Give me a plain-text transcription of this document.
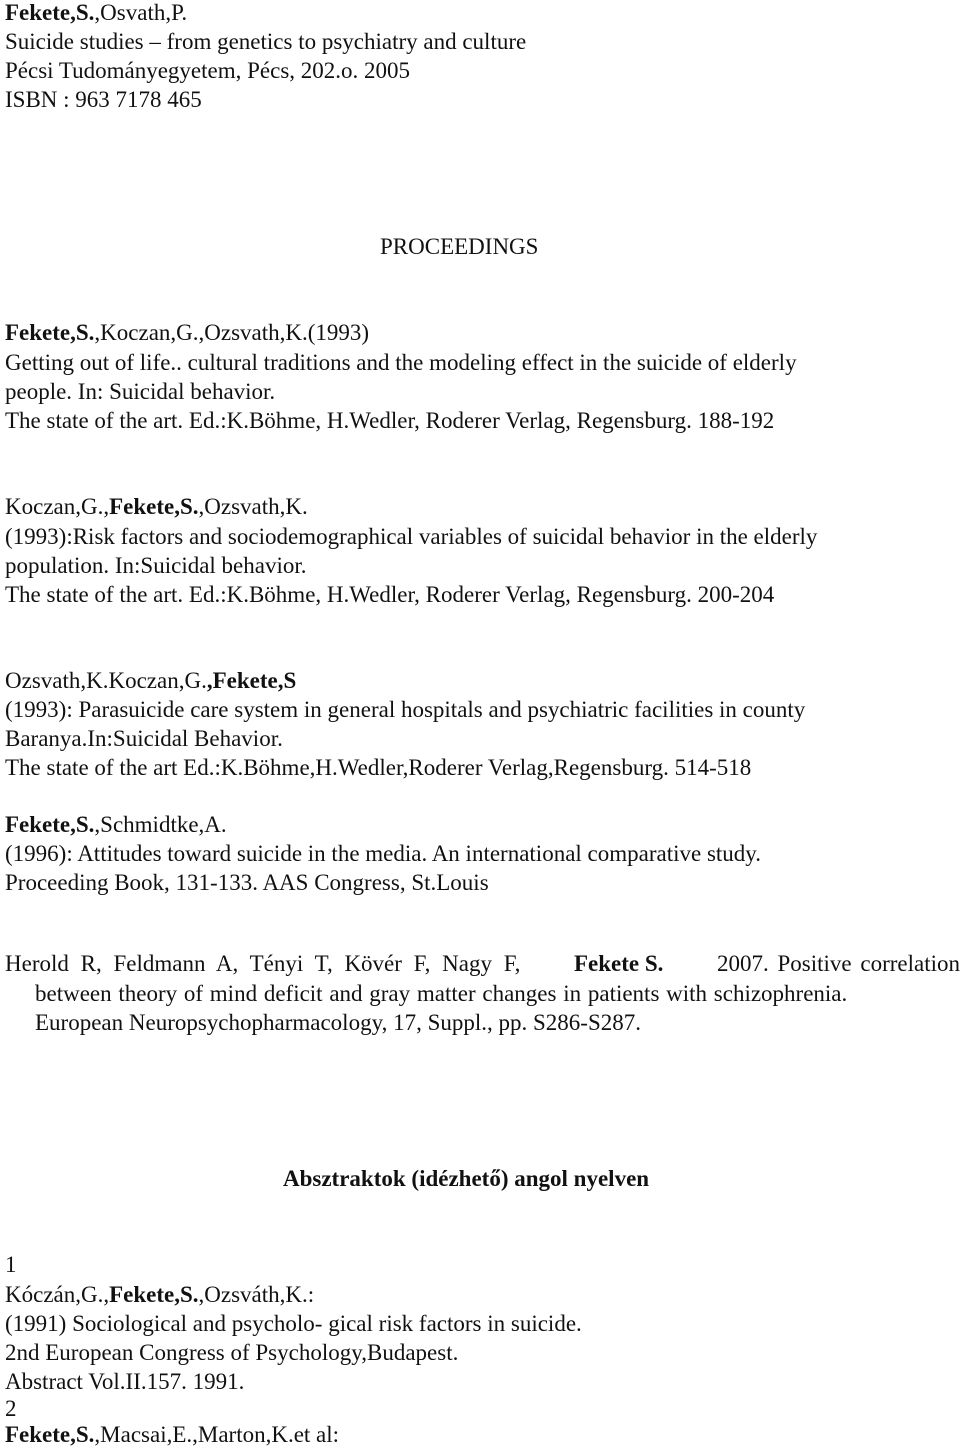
Fekete,S.,Osvath,P.
Suicide studies – from genetics to psychiatry and culture
Pécsi Tudományegyetem, Pécs, 202.o. 2005
ISBN : 963 7178 465
PROCEEDINGS
Fekete,S.,Koczan,G.,Ozsvath,K.(1993)
Getting out of life.. cultural traditions and the modeling effect in the suicide of elderly
people. In: Suicidal behavior.
The state of the art. Ed.:K.Böhme, H.Wedler, Roderer Verlag, Regensburg. 188-192
Koczan,G.,Fekete,S.,Ozsvath,K.
(1993):Risk factors and sociodemographical variables of suicidal behavior in the elderly
population. In:Suicidal behavior.
The state of the art. Ed.:K.Böhme, H.Wedler, Roderer Verlag, Regensburg. 200-204
Ozsvath,K.Koczan,G.,Fekete,S
(1993): Parasuicide care system in general hospitals and psychiatric facilities in county
Baranya.In:Suicidal Behavior.
The state of the art Ed.:K.Böhme,H.Wedler,Roderer Verlag,Regensburg. 514-518
Fekete,S.,Schmidtke,A.
(1996): Attitudes toward suicide in the media. An international comparative study.
Proceeding Book, 131-133. AAS Congress, St.Louis
Herold R, Feldmann A, Tényi T, Kövér F, Nagy F, Fekete S. 2007. Positive correlation
between theory of mind deficit and gray matter changes in patients with schizophrenia.
European Neuropsychopharmacology, 17, Suppl., pp. S286-S287.
Absztraktok (idézhető) angol nyelven
1
Kóczán,G.,Fekete,S.,Ozsváth,K.:
(1991) Sociological and psycholo- gical risk factors in suicide.
2nd European Congress of Psychology,Budapest.
Abstract Vol.II.157. 1991.
2
Fekete,S.,Macsai,E.,Marton,K.et al:
